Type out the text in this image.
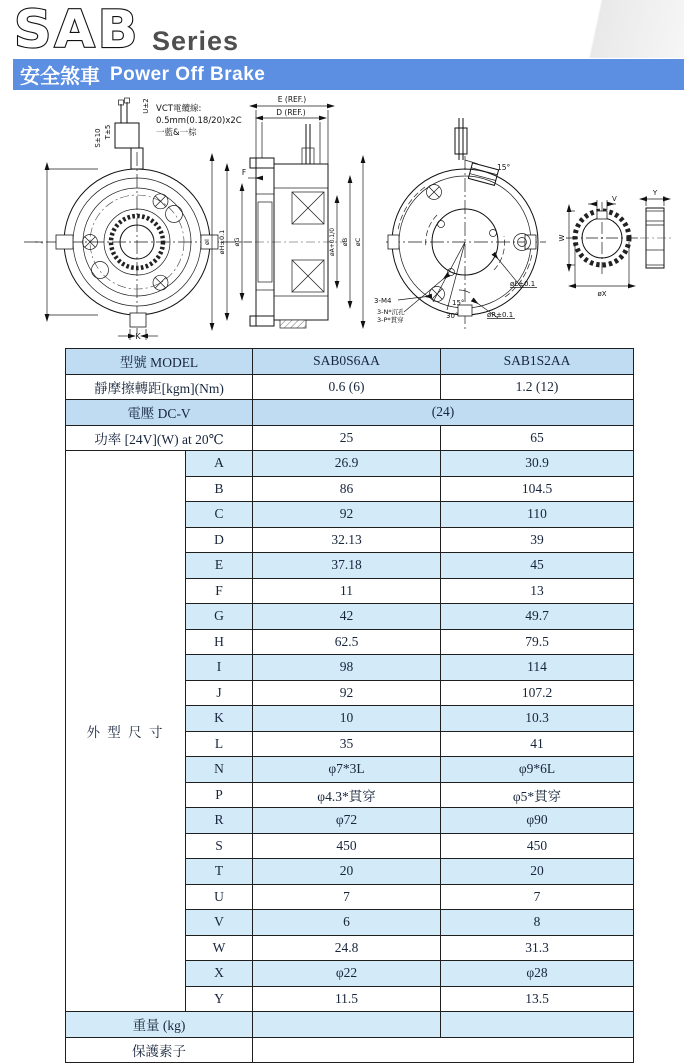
SAB Series
安全煞車 Power Off Brake
K
J
S±10 T±5
U±2 VCT電纜線:
0.5mm(0.18/20)x2C
一藍&一棕
E (REF.)
D (REF.)
F
øI øH±0.1 øG	øA+0.1/0 øB øC
15°
15°
30°
3-M4
3-N*沉孔
3-P*貫穿
øL±0.1
øR±0.1
V
W
øX
Y
型號 MODEL		SAB0S6AA	SAB1S2AA
靜摩擦轉距[kgm](Nm)		0.6 (6)	1.2 (12)
電壓 DC-V		(24)	
功率 [24V](W) at 20℃		25	65
外 型 尺 寸	A	26.9	30.9
	B	86	104.5
	C	92	110
	D	32.13	39
	E	37.18	45
	F	11	13
	G	42	49.7
	H	62.5	79.5
	I	98	114
	J	92	107.2
	K	10	10.3
	L	35	41
	N	φ7*3L	φ9*6L
	P	φ4.3*貫穿	φ5*貫穿
	R	φ72	φ90
	S	450	450
	T	20	20
	U	7	7
	V	6	8
	W	24.8	31.3
	X	φ22	φ28
	Y	11.5	13.5
重量 (kg)			
保護素子			
